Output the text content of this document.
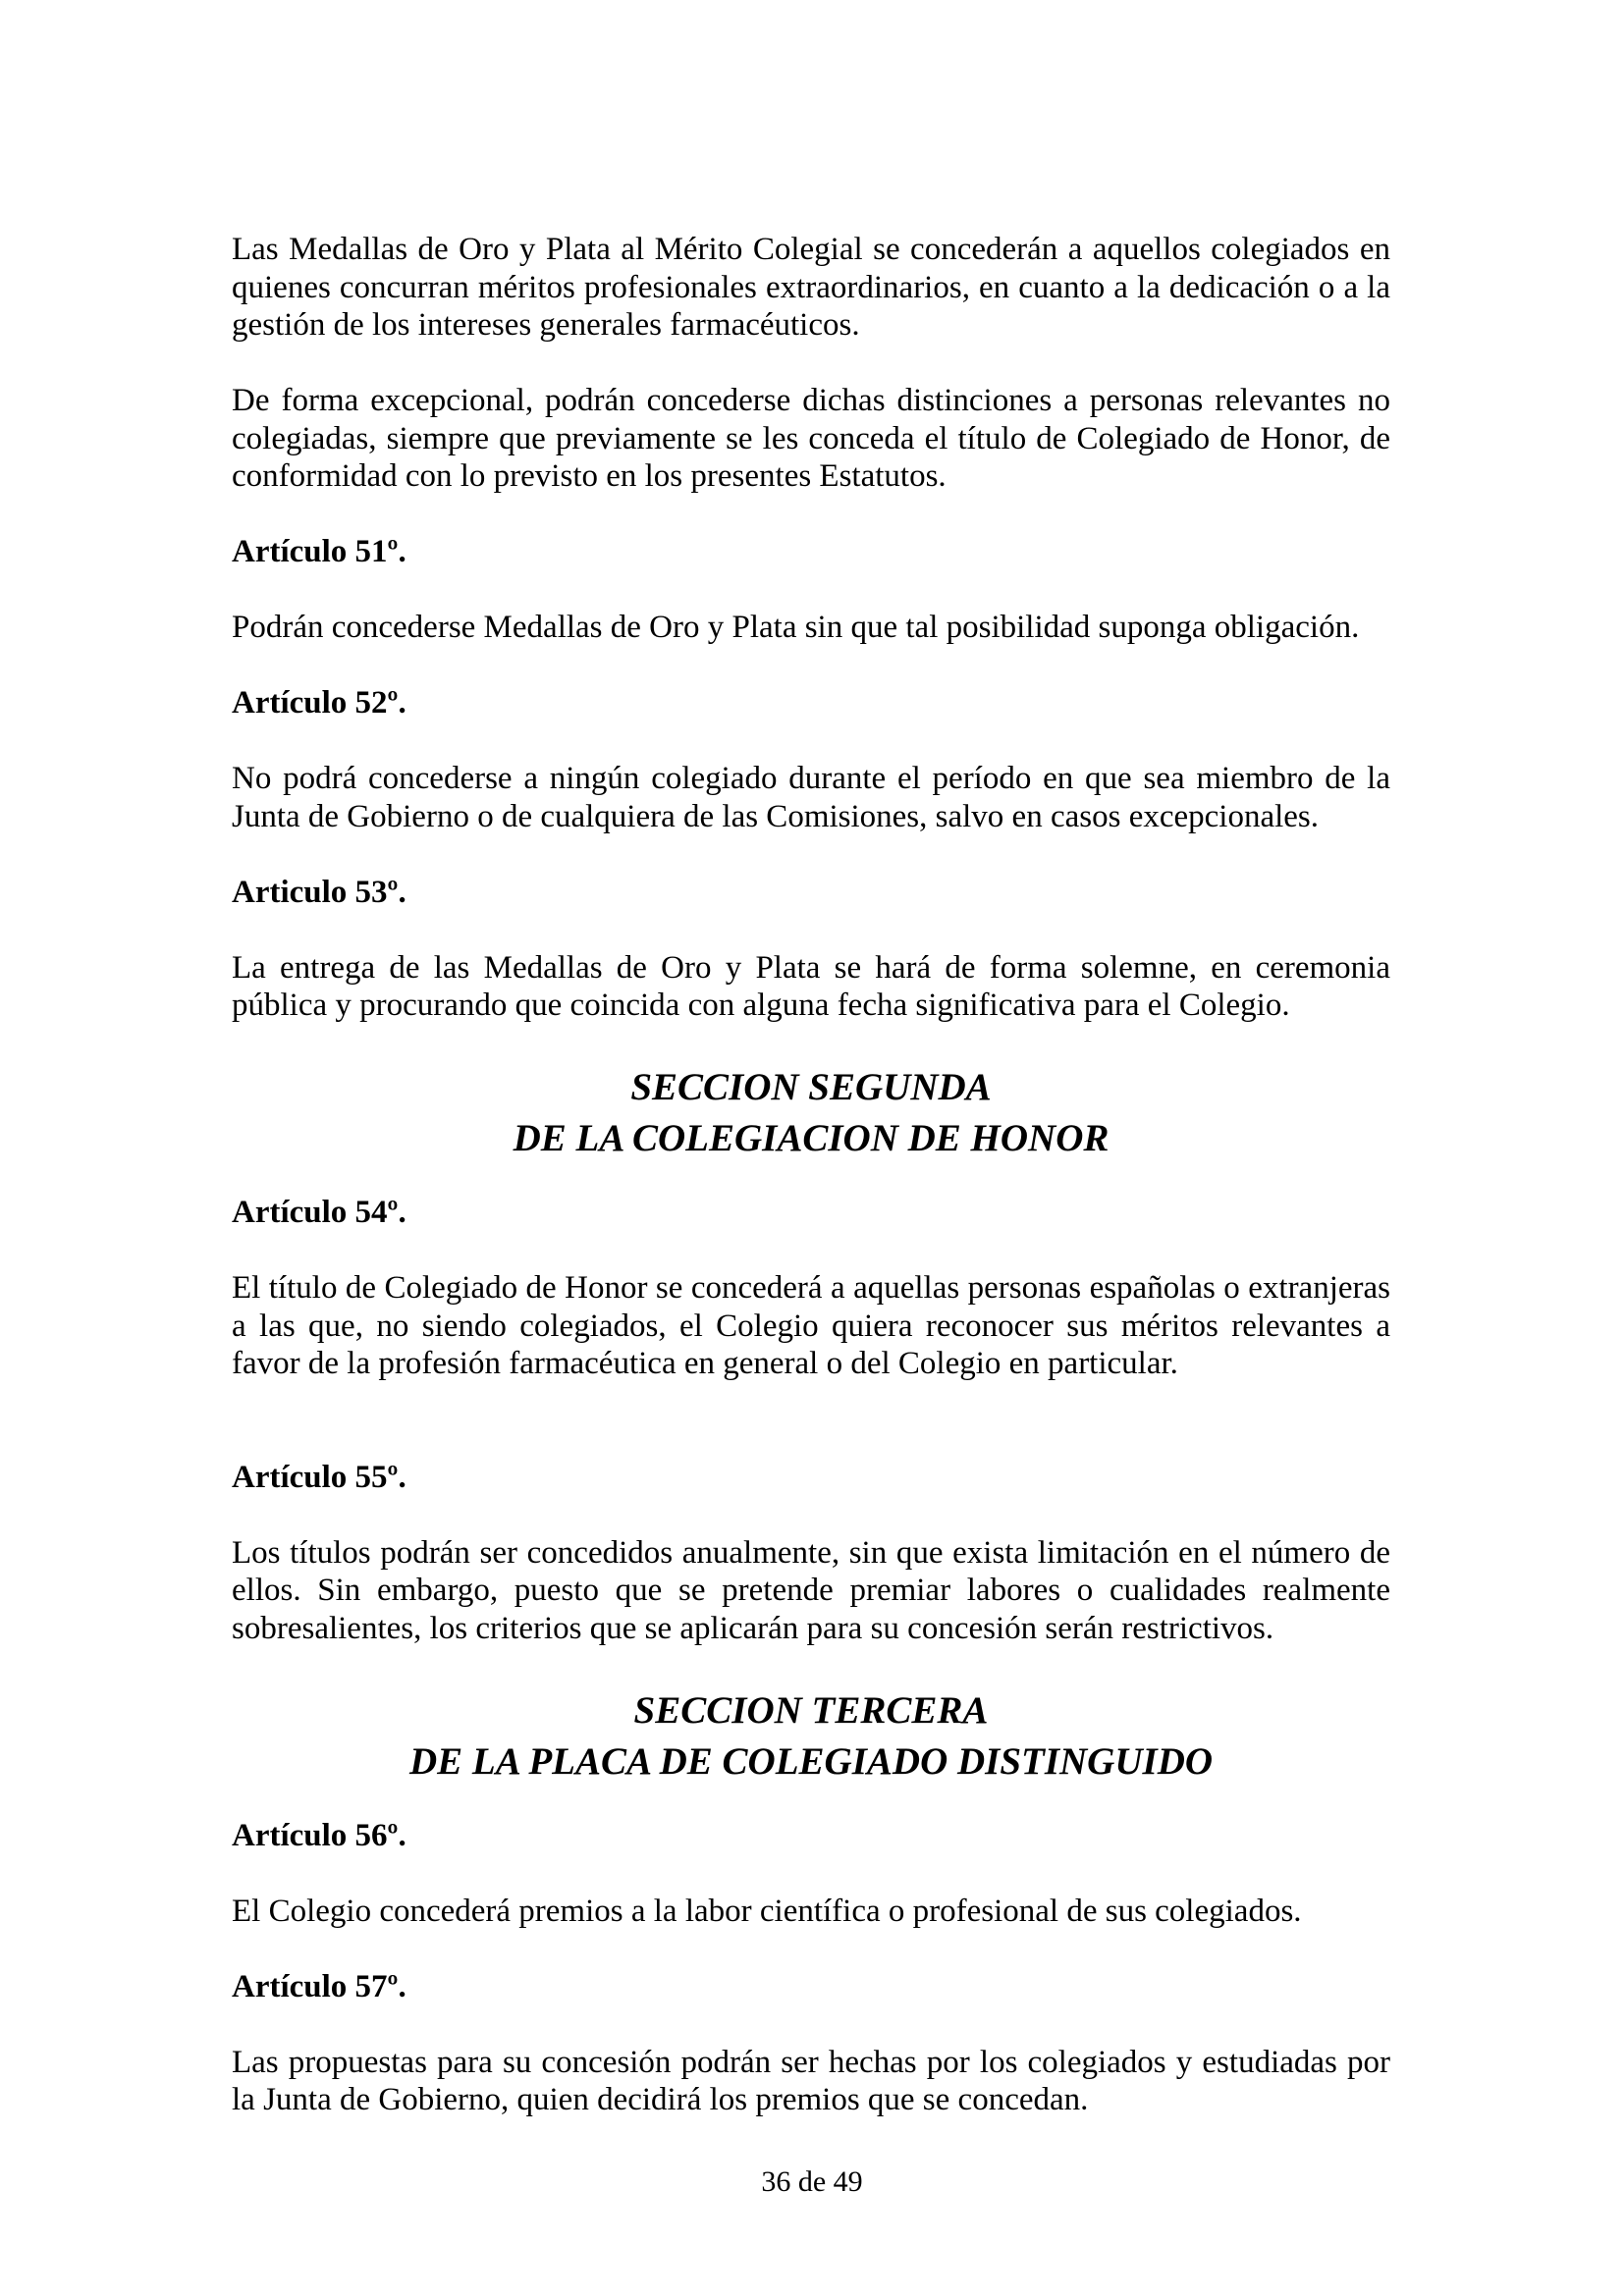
Las Medallas de Oro y Plata al Mérito Colegial se concederán a aquellos colegiados en quienes concurran méritos profesionales extraordinarios, en cuanto a la dedicación o a la gestión de los intereses generales farmacéuticos.

De forma excepcional, podrán concederse dichas distinciones a personas relevantes no colegiadas, siempre que previamente se les conceda el título de Colegiado de Honor, de conformidad con lo previsto en los presentes Estatutos.

Artículo 51º.

Podrán concederse Medallas de Oro y Plata sin que tal posibilidad suponga obligación.

Artículo 52º.

No podrá concederse a ningún colegiado durante el período en que sea miembro de la Junta de Gobierno o de cualquiera de las Comisiones, salvo en casos excepcionales.

Articulo 53º.

La entrega de las Medallas de Oro y Plata se hará de forma solemne, en ceremonia pública y procurando que coincida con alguna fecha significativa para el Colegio.

SECCION SEGUNDA
DE LA COLEGIACION DE HONOR
Artículo 54º.

El título de Colegiado de Honor se concederá a aquellas personas españolas o extranjeras a las que, no siendo colegiados, el Colegio quiera reconocer sus méritos relevantes a favor de la profesión farmacéutica en general o del Colegio en particular.

Artículo 55º.

Los títulos podrán ser concedidos anualmente, sin que exista limitación en el número de ellos. Sin embargo, puesto que se pretende premiar labores o cualidades realmente sobresalientes, los criterios que se aplicarán para su concesión serán restrictivos.

SECCION TERCERA
DE LA PLACA DE COLEGIADO DISTINGUIDO
Artículo 56º.

El Colegio concederá premios a la labor científica o profesional de sus colegiados.

Artículo 57º.

Las propuestas para su concesión podrán ser hechas por los colegiados y estudiadas por la Junta de Gobierno, quien decidirá los premios que se concedan.

36 de 49
